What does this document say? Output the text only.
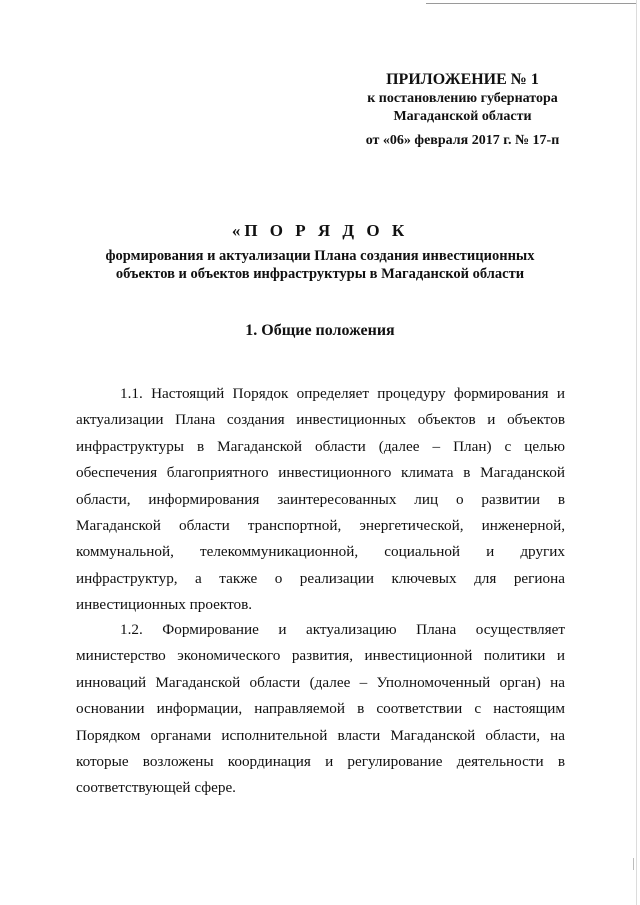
ПРИЛОЖЕНИЕ № 1
к постановлению губернатора
Магаданской области
от «06» февраля 2017 г. № 17-п
«П О Р Я Д О К
формирования и актуализации Плана создания инвестиционных
объектов и объектов инфраструктуры в Магаданской области
1. Общие положения

1.1. Настоящий Порядок определяет процедуру формирования и актуализации Плана создания инвестиционных объектов и объектов инфраструктуры в Магаданской области (далее – План) с целью обеспечения благоприятного инвестиционного климата в Магаданской области, информирования заинтересованных лиц о развитии в Магаданской области транспортной, энергетической, инженерной, коммунальной, телекоммуникационной, социальной и других инфраструктур, а также о реализации ключевых для региона инвестиционных проектов.

1.2. Формирование и актуализацию Плана осуществляет министерство экономического развития, инвестиционной политики и инноваций Магаданской области (далее – Уполномоченный орган) на основании информации, направляемой в соответствии с настоящим Порядком органами исполнительной власти Магаданской области, на которые возложены координация и регулирование деятельности в соответствующей сфере.
